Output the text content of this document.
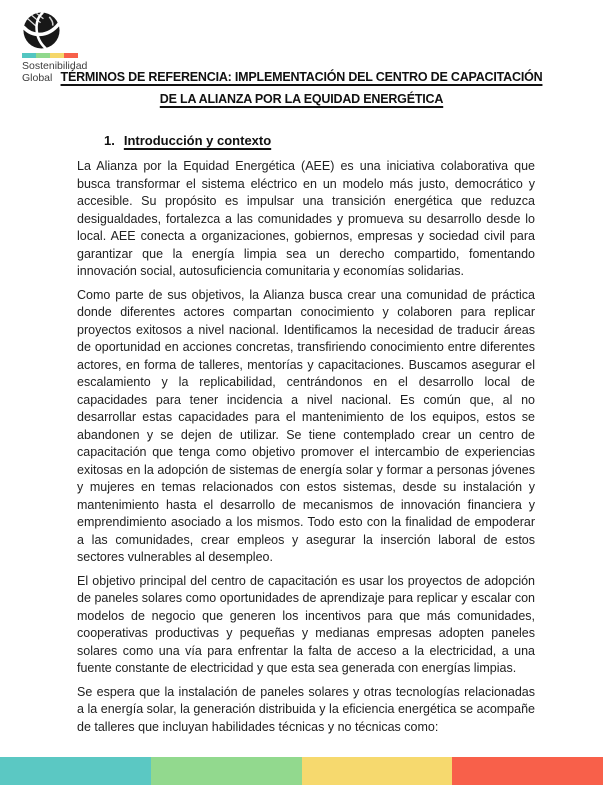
Sostenibilidad
Global TÉRMINOS DE REFERENCIA: IMPLEMENTACIÓN DEL CENTRO DE CAPACITACIÓN
DE LA ALIANZA POR LA EQUIDAD ENERGÉTICA
1. Introducción y contexto

La Alianza por la Equidad Energética (AEE) es una iniciativa colaborativa que busca transformar el sistema eléctrico en un modelo más justo, democrático y accesible. Su propósito es impulsar una transición energética que reduzca desigualdades, fortalezca a las comunidades y promueva su desarrollo desde lo local. AEE conecta a organizaciones, gobiernos, empresas y sociedad civil para garantizar que la energía limpia sea un derecho compartido, fomentando innovación social, autosuficiencia comunitaria y economías solidarias.

Como parte de sus objetivos, la Alianza busca crear una comunidad de práctica donde diferentes actores compartan conocimiento y colaboren para replicar proyectos exitosos a nivel nacional. Identificamos la necesidad de traducir áreas de oportunidad en acciones concretas, transfiriendo conocimiento entre diferentes actores, en forma de talleres, mentorías y capacitaciones. Buscamos asegurar el escalamiento y la replicabilidad, centrándonos en el desarrollo local de capacidades para tener incidencia a nivel nacional. Es común que, al no desarrollar estas capacidades para el mantenimiento de los equipos, estos se abandonen y se dejen de utilizar. Se tiene contemplado crear un centro de capacitación que tenga como objetivo promover el intercambio de experiencias exitosas en la adopción de sistemas de energía solar y formar a personas jóvenes y mujeres en temas relacionados con estos sistemas, desde su instalación y mantenimiento hasta el desarrollo de mecanismos de innovación financiera y emprendimiento asociado a los mismos. Todo esto con la finalidad de empoderar a las comunidades, crear empleos y asegurar la inserción laboral de estos sectores vulnerables al desempleo.

El objetivo principal del centro de capacitación es usar los proyectos de adopción de paneles solares como oportunidades de aprendizaje para replicar y escalar con modelos de negocio que generen los incentivos para que más comunidades, cooperativas productivas y pequeñas y medianas empresas adopten paneles solares como una vía para enfrentar la falta de acceso a la electricidad, a una fuente constante de electricidad y que esta sea generada con energías limpias.

Se espera que la instalación de paneles solares y otras tecnologías relacionadas a la energía solar, la generación distribuida y la eficiencia energética se acompañe de talleres que incluyan habilidades técnicas y no técnicas como:
